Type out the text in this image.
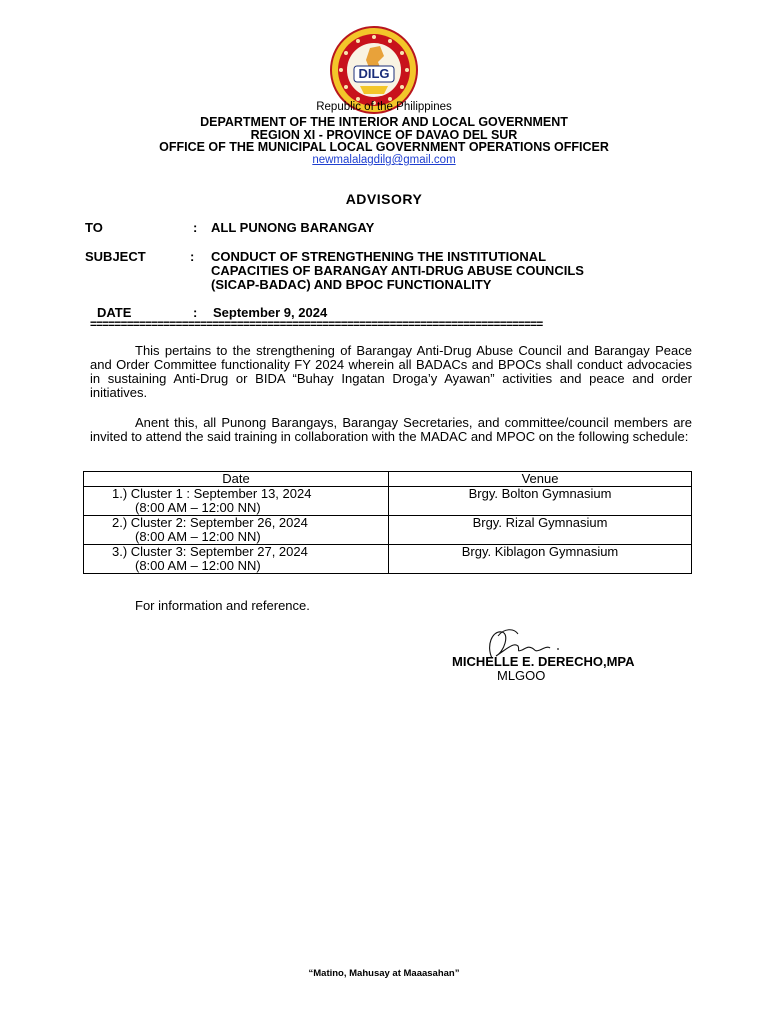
DILG
Republic of the Philippines
DEPARTMENT OF THE INTERIOR AND LOCAL GOVERNMENT
REGION XI - PROVINCE OF DAVAO DEL SUR
OFFICE OF THE MUNICIPAL LOCAL GOVERNMENT OPERATIONS OFFICER
newmalalagdilg@gmail.com
ADVISORY
TO	: ALL PUNONG BARANGAY
SUBJECT	: CONDUCT OF STRENGTHENING THE INSTITUTIONAL
CAPACITIES OF BARANGAY ANTI-DRUG ABUSE COUNCILS
(SICAP-BADAC) AND BPOC FUNCTIONALITY
DATE	: September 9, 2024
==========================================================================
This pertains to the strengthening of Barangay Anti-Drug Abuse Council and Barangay Peace and Order Committee functionality FY 2024 wherein all BADACs and BPOCs shall conduct advocacies in sustaining Anti-Drug or BIDA “Buhay Ingatan Droga’y Ayawan” activities and peace and order initiatives.
Anent this, all Punong Barangays, Barangay Secretaries, and committee/council members are invited to attend the said training in collaboration with the MADAC and MPOC on the following schedule:
Date	Venue

1.) Cluster 1 : September 13, 2024
(8:00 AM – 12:00 NN)	Brgy. Bolton Gymnasium

2.) Cluster 2: September 26, 2024
(8:00 AM – 12:00 NN)	Brgy. Rizal Gymnasium

3.) Cluster 3: September 27, 2024
(8:00 AM – 12:00 NN)	Brgy. Kiblagon Gymnasium
For information and reference.
MICHELLE E. DERECHO,MPA
MLGOO
“Matino, Mahusay at Maaasahan”
